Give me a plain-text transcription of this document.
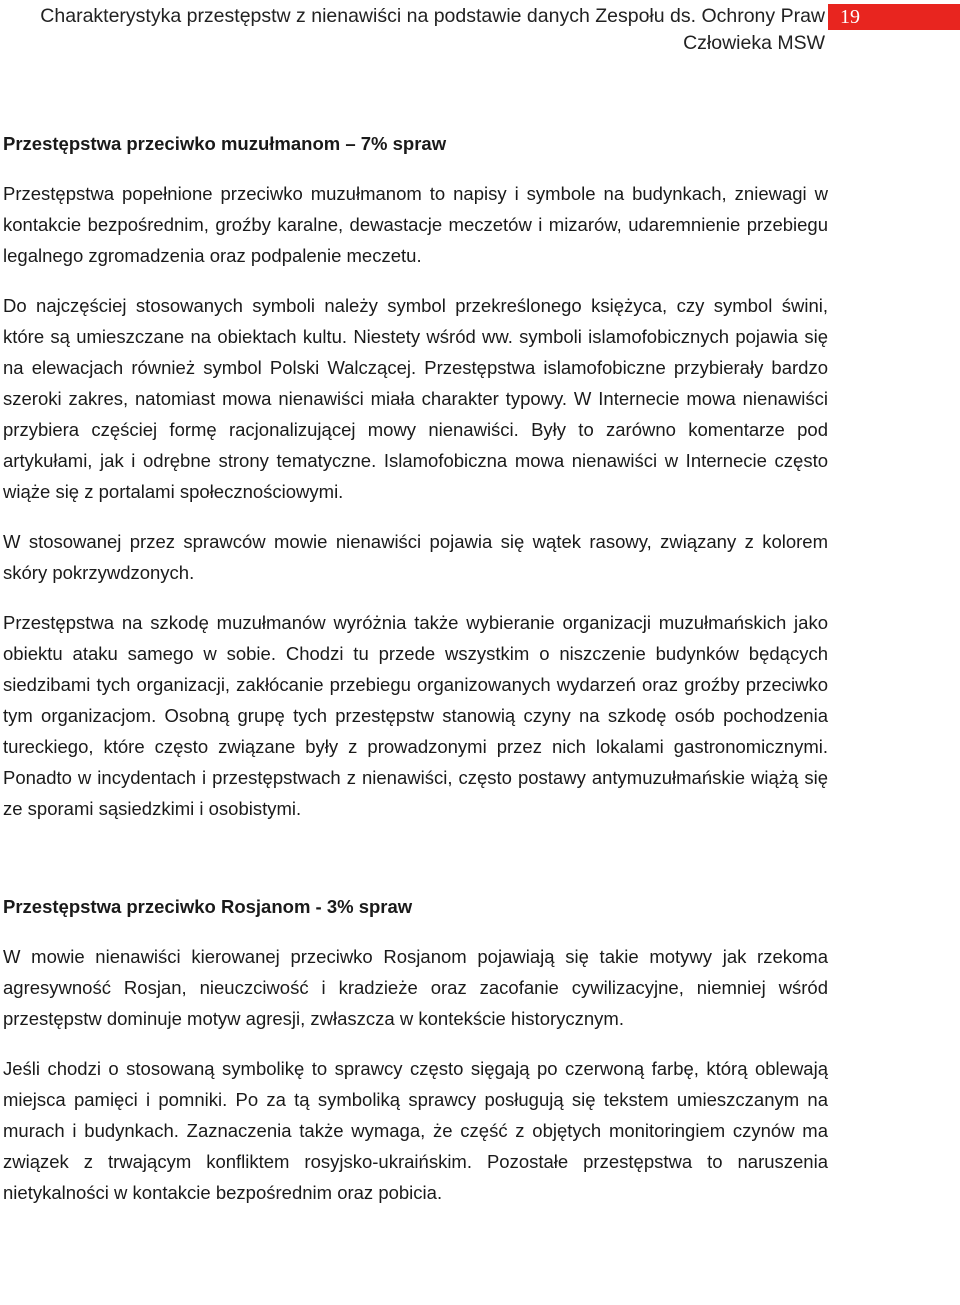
Charakterystyka przestępstw z nienawiści na podstawie danych Zespołu ds. Ochrony Praw Człowieka MSW
19

Przestępstwa przeciwko muzułmanom – 7% spraw

Przestępstwa popełnione przeciwko muzułmanom to napisy i symbole na budynkach, zniewagi w kontakcie bezpośrednim, groźby karalne, dewastacje meczetów i mizarów, udaremnienie przebiegu legalnego zgromadzenia oraz podpalenie meczetu.

Do najczęściej stosowanych symboli należy symbol przekreślonego księżyca, czy symbol świni, które są umieszczane na obiektach kultu. Niestety wśród ww. symboli islamofobicznych pojawia się na elewacjach również symbol Polski Walczącej. Przestępstwa islamofobiczne przybierały bardzo szeroki zakres, natomiast mowa nienawiści miała charakter typowy. W Internecie mowa nienawiści przybiera częściej formę racjonalizującej mowy nienawiści. Były to zarówno komentarze pod artykułami, jak i odrębne strony tematyczne. Islamofobiczna mowa nienawiści w Internecie często wiąże się z portalami społecznościowymi.

W stosowanej przez sprawców mowie nienawiści pojawia się wątek rasowy, związany z kolorem skóry pokrzywdzonych.

Przestępstwa na szkodę muzułmanów wyróżnia także wybieranie organizacji muzułmańskich jako obiektu ataku samego w sobie. Chodzi tu przede wszystkim o niszczenie budynków będących siedzibami tych organizacji, zakłócanie przebiegu organizowanych wydarzeń oraz groźby przeciwko tym organizacjom. Osobną grupę tych przestępstw stanowią czyny na szkodę osób pochodzenia tureckiego, które często związane były z prowadzonymi przez nich lokalami gastronomicznymi. Ponadto w incydentach i przestępstwach z nienawiści, często postawy antymuzułmańskie wiążą się ze sporami sąsiedzkimi i osobistymi.

Przestępstwa przeciwko Rosjanom - 3% spraw

W mowie nienawiści kierowanej przeciwko Rosjanom pojawiają się takie motywy jak rzekoma agresywność Rosjan, nieuczciwość i kradzieże oraz zacofanie cywilizacyjne, niemniej wśród przestępstw dominuje motyw agresji, zwłaszcza w kontekście historycznym.

Jeśli chodzi o stosowaną symbolikę to sprawcy często sięgają po czerwoną farbę, którą oblewają miejsca pamięci i pomniki. Po za tą symboliką sprawcy posługują się tekstem umieszczanym na murach i budynkach. Zaznaczenia także wymaga, że część z objętych monitoringiem czynów ma związek z trwającym konfliktem rosyjsko-ukraińskim. Pozostałe przestępstwa to naruszenia nietykalności w kontakcie bezpośrednim oraz pobicia.
